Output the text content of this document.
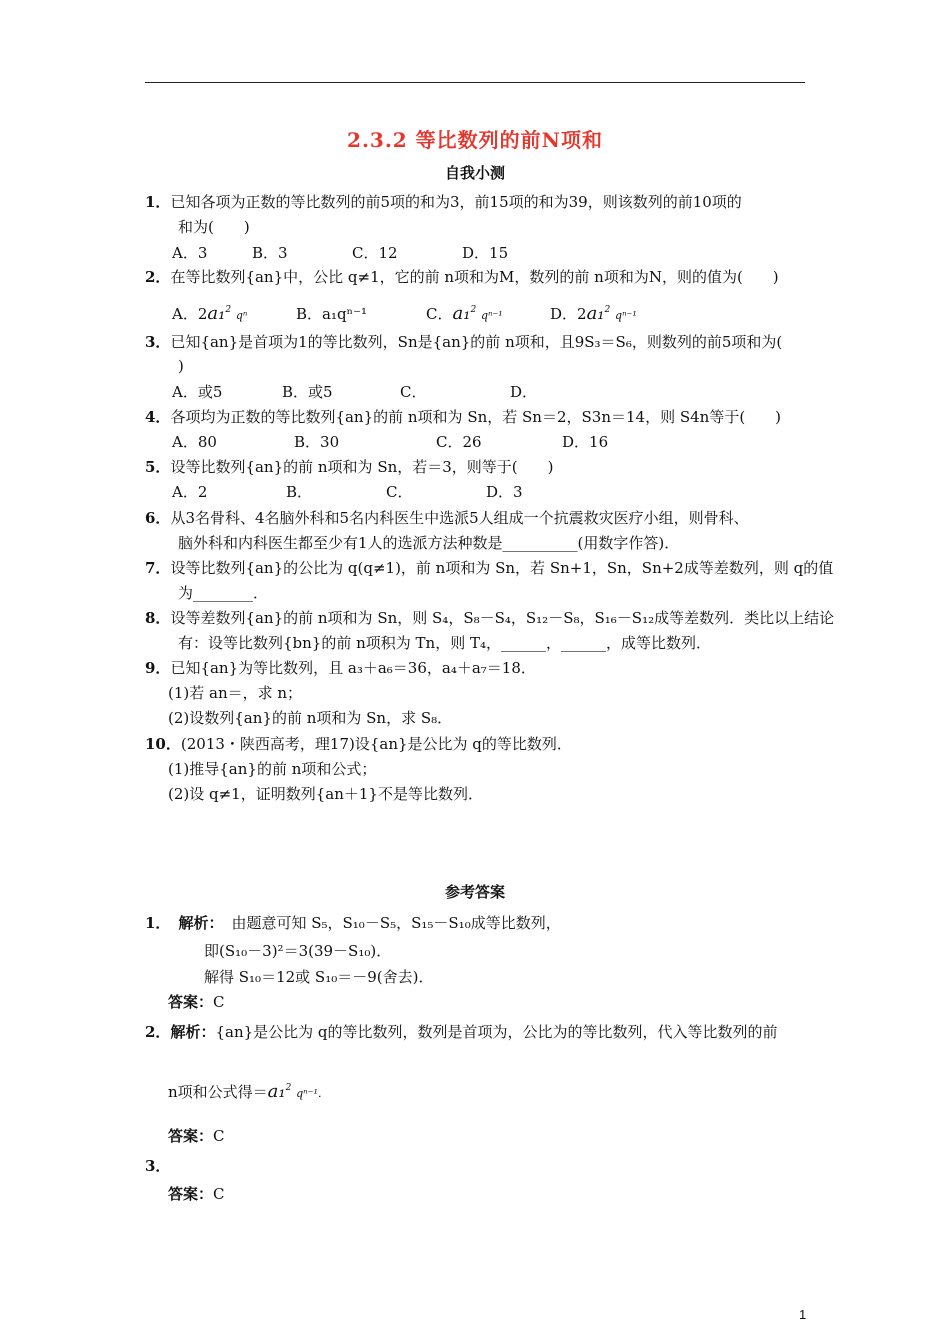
2.3.2 等比数列的前N项和
自我小测
1．已知各项为正数的等比数列的前5项的和为3，前15项的和为39，则该数列的前10项的
和为(　　)
A．3	B．3	C．12	D．15
2．在等比数列{an}中，公比 q≠1，它的前 n项和为M，数列的前 n项和为N，则的值为(　　)
A．2a₁$^2$ qⁿ	B．a₁qⁿ⁻¹	C．a₁$^2$ qⁿ⁻¹	D．2a₁$^2$ qⁿ⁻¹
3．已知{an}是首项为1的等比数列，Sn是{an}的前 n项和，且9S₃＝S₆，则数列的前5项和为(
)
A．或5	B．或5	C．	D．
4．各项均为正数的等比数列{an}的前 n项和为 Sn，若 Sn＝2，S3n＝14，则 S4n等于(　　)
A．80	B．30	C．26	D．16
5．设等比数列{an}的前 n项和为 Sn，若＝3，则等于(　　)
A．2	B．	C．	D．3
6．从3名骨科、4名脑外科和5名内科医生中选派5人组成一个抗震救灾医疗小组，则骨科、
脑外科和内科医生都至少有1人的选派方法种数是__________(用数字作答)．
7．设等比数列{an}的公比为 q(q≠1)，前 n项和为 Sn，若 Sn+1，Sn，Sn+2成等差数列，则 q的值
为________．
8．设等差数列{an}的前 n项和为 Sn，则 S₄，S₈－S₄，S₁₂－S₈，S₁₆－S₁₂成等差数列．类比以上结论
有：设等比数列{bn}的前 n项积为 Tn，则 T₄，______，______，成等比数列．
9．已知{an}为等比数列，且 a₃＋a₆＝36，a₄＋a₇＝18．
(1)若 an＝，求 n；
(2)设数列{an}的前 n项和为 Sn，求 S₈．
10．(2013・陕西高考，理17)设{an}是公比为 q的等比数列．
(1)推导{an}的前 n项和公式；
(2)设 q≠1，证明数列{an＋1}不是等比数列．
参考答案
1． 解析： 由题意可知 S₅，S₁₀－S₅，S₁₅－S₁₀成等比数列，
即(S₁₀－3)²＝3(39－S₁₀)．
解得 S₁₀＝12或 S₁₀＝－9(舍去)．
答案：C
2．解析：{an}是公比为 q的等比数列，数列是首项为，公比为的等比数列，代入等比数列的前
n项和公式得＝a₁$^2$ qⁿ⁻¹．
答案：C
3．
答案：C
1
